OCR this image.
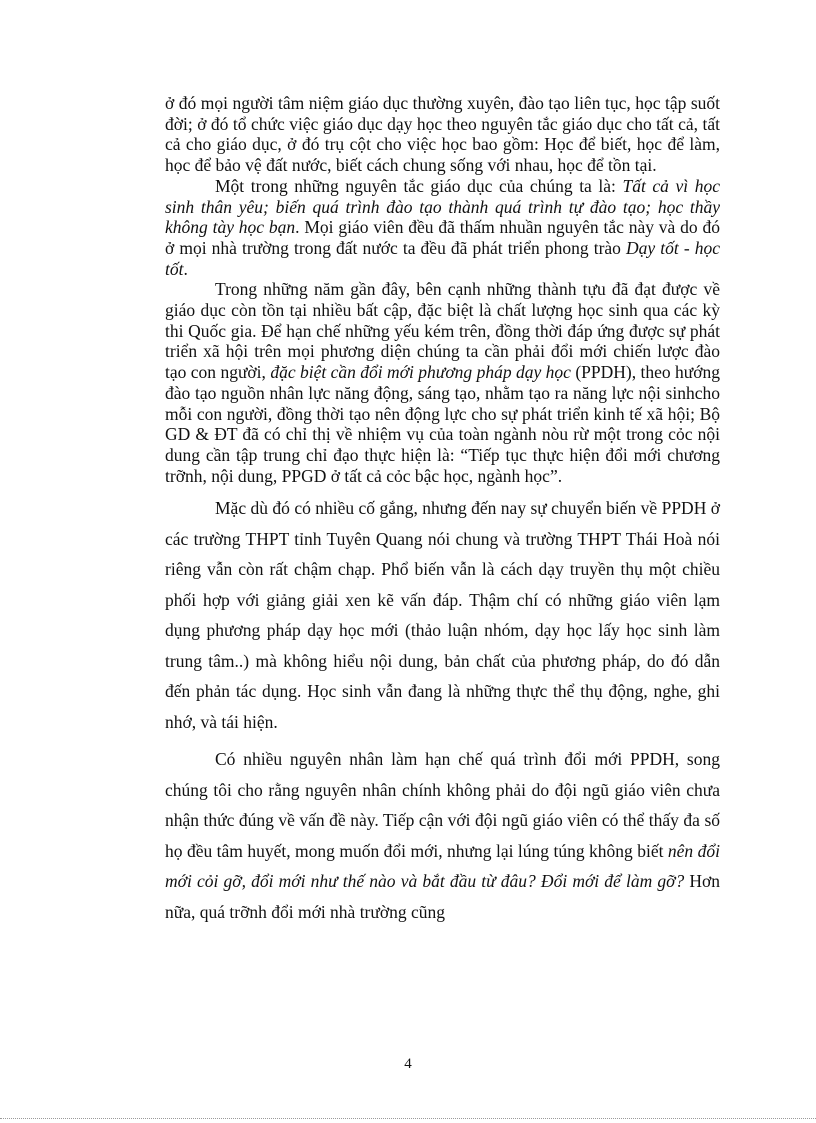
ở đó mọi người tâm niệm giáo dục thường xuyên, đào tạo liên tục, học tập suốt đời; ở đó tổ chức việc giáo dục dạy học theo nguyên tắc giáo dục cho tất cả, tất cả cho giáo dục, ở đó trụ cột cho việc học bao gồm: Học để biết, học để làm, học để bảo vệ đất nước, biết cách chung sống với nhau, học để tồn tại.

Một trong những nguyên tắc giáo dục của chúng ta là: Tất cả vì học sinh thân yêu; biến quá trình đào tạo thành quá trình tự đào tạo; học thầy không tày học bạn. Mọi giáo viên đều đã thấm nhuần nguyên tắc này và do đó ở mọi nhà trường trong đất nước ta đều đã phát triển phong trào Dạy tốt - học tốt.

Trong những năm gần đây, bên cạnh những thành tựu đã đạt được về giáo dục còn tồn tại nhiều bất cập, đặc biệt là chất lượng học sinh qua các kỳ thi Quốc gia. Để hạn chế những yếu kém trên, đồng thời đáp ứng được sự phát triển xã hội trên mọi phương diện chúng ta cần phải đổi mới chiến lược đào tạo con người, đặc biệt cần đổi mới phương pháp dạy học (PPDH), theo hướng đào tạo nguồn nhân lực năng động, sáng tạo, nhằm tạo ra năng lực nội sinhcho mỗi con người, đồng thời tạo nên động lực cho sự phát triển kinh tế xã hội; Bộ GD & ĐT đã có chỉ thị về nhiệm vụ của toàn ngành nòu rừ một trong cỏc nội dung cần tập trung chỉ đạo thực hiện là: “Tiếp tục thực hiện đổi mới chương trỡnh, nội dung, PPGD ở tất cả cỏc bậc học, ngành học”.

Mặc dù đó có nhiều cố gắng, nhưng đến nay sự chuyển biến về PPDH ở các trường THPT tỉnh Tuyên Quang nói chung và trường THPT Thái Hoà nói riêng vẫn còn rất chậm chạp. Phổ biến vẫn là cách dạy truyền thụ một chiều phối hợp với giảng giải xen kẽ vấn đáp. Thậm chí có những giáo viên lạm dụng phương pháp dạy học mới (thảo luận nhóm, dạy học lấy học sinh làm trung tâm..) mà không hiểu nội dung, bản chất của phương pháp, do đó dẫn đến phản tác dụng. Học sinh vẫn đang là những thực thể thụ động, nghe, ghi nhớ, và tái hiện.

Có nhiều nguyên nhân làm hạn chế quá trình đổi mới PPDH, song chúng tôi cho rằng nguyên nhân chính không phải do đội ngũ giáo viên chưa nhận thức đúng về vấn đề này. Tiếp cận với đội ngũ giáo viên có thể thấy đa số họ đều tâm huyết, mong muốn đổi mới, nhưng lại lúng túng không biết nên đổi mới cỏi gỡ, đổi mới như thế nào và bắt đầu từ đâu? Đổi mới để làm gỡ? Hơn nữa, quá trỡnh đổi mới nhà trường cũng

4
